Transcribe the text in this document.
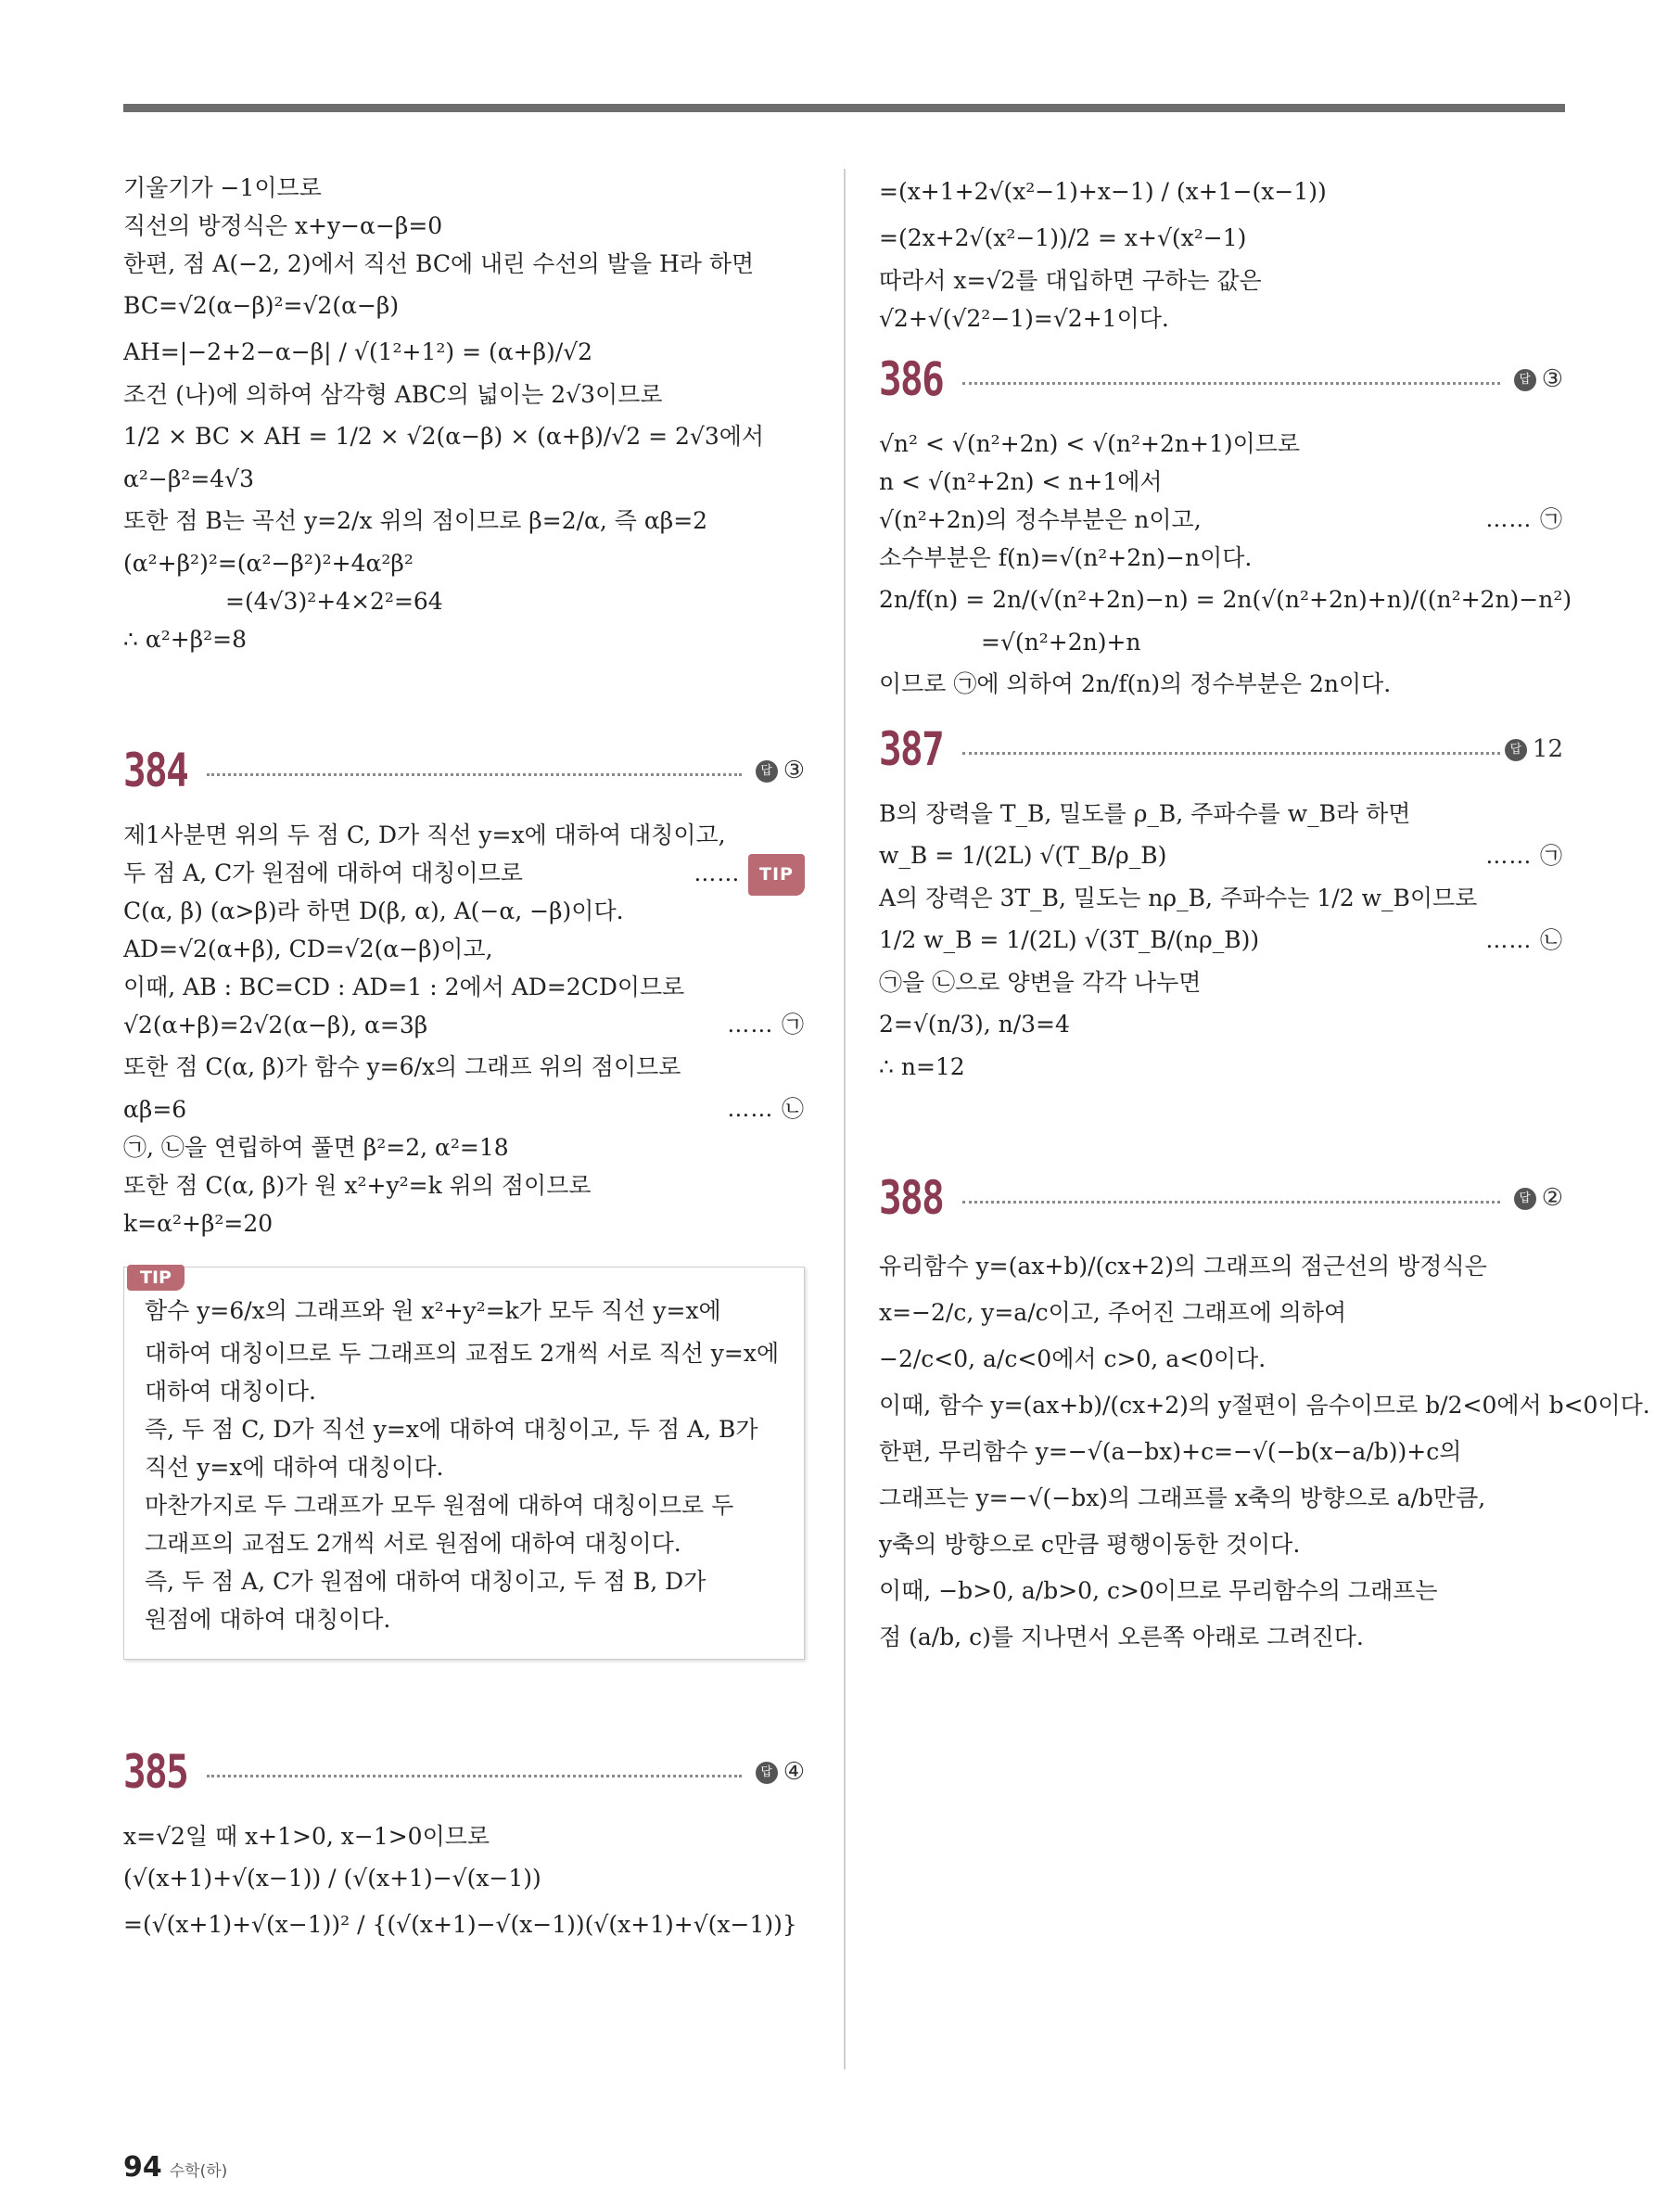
기울기가 −1이므로
직선의 방정식은 x+y−α−β=0
한편, 점 A(−2, 2)에서 직선 BC에 내린 수선의 발을 H라 하면
BC=√2(α−β)²=√2(α−β)
AH=|−2+2−α−β| / √(1²+1²) = (α+β)/√2
조건 (나)에 의하여 삼각형 ABC의 넓이는 2√3이므로
1/2 × BC × AH = 1/2 × √2(α−β) × (α+β)/√2 = 2√3에서
α²−β²=4√3
또한 점 B는 곡선 y=2/x 위의 점이므로 β=2/α, 즉 αβ=2
(α²+β²)²=(α²−β²)²+4α²β²
=(4√3)²+4×2²=64
∴ α²+β²=8
384	답 ③
제1사분면 위의 두 점 C, D가 직선 y=x에 대하여 대칭이고,
두 점 A, C가 원점에 대하여 대칭이므로	…… TIP
C(α, β) (α>β)라 하면 D(β, α), A(−α, −β)이다.
AD=√2(α+β), CD=√2(α−β)이고,
이때, AB : BC=CD : AD=1 : 2에서 AD=2CD이므로
√2(α+β)=2√2(α−β), α=3β	…… ㉠
또한 점 C(α, β)가 함수 y=6/x의 그래프 위의 점이므로
αβ=6	…… ㉡
㉠, ㉡을 연립하여 풀면 β²=2, α²=18
또한 점 C(α, β)가 원 x²+y²=k 위의 점이므로
k=α²+β²=20
TIP
함수 y=6/x의 그래프와 원 x²+y²=k가 모두 직선 y=x에
대하여 대칭이므로 두 그래프의 교점도 2개씩 서로 직선 y=x에
대하여 대칭이다.
즉, 두 점 C, D가 직선 y=x에 대하여 대칭이고, 두 점 A, B가
직선 y=x에 대하여 대칭이다.
마찬가지로 두 그래프가 모두 원점에 대하여 대칭이므로 두
그래프의 교점도 2개씩 서로 원점에 대하여 대칭이다.
즉, 두 점 A, C가 원점에 대하여 대칭이고, 두 점 B, D가
원점에 대하여 대칭이다.
385	답 ④
x=√2일 때 x+1>0, x−1>0이므로
(√(x+1)+√(x−1)) / (√(x+1)−√(x−1))
=(√(x+1)+√(x−1))² / {(√(x+1)−√(x−1))(√(x+1)+√(x−1))}
=(x+1+2√(x²−1)+x−1) / (x+1−(x−1))
=(2x+2√(x²−1))/2 = x+√(x²−1)
따라서 x=√2를 대입하면 구하는 값은
√2+√(√2²−1)=√2+1이다.
386	답 ③
√n² < √(n²+2n) < √(n²+2n+1)이므로
n < √(n²+2n) < n+1에서
√(n²+2n)의 정수부분은 n이고,	…… ㉠
소수부분은 f(n)=√(n²+2n)−n이다.
2n/f(n) = 2n/(√(n²+2n)−n) = 2n(√(n²+2n)+n)/((n²+2n)−n²)
=√(n²+2n)+n
이므로 ㉠에 의하여 2n/f(n)의 정수부분은 2n이다.
387	답 12
B의 장력을 T_B, 밀도를 ρ_B, 주파수를 w_B라 하면
w_B = 1/(2L) √(T_B/ρ_B)	…… ㉠
A의 장력은 3T_B, 밀도는 nρ_B, 주파수는 1/2 w_B이므로
1/2 w_B = 1/(2L) √(3T_B/(nρ_B))	…… ㉡
㉠을 ㉡으로 양변을 각각 나누면
2=√(n/3), n/3=4
∴ n=12
388	답 ②
유리함수 y=(ax+b)/(cx+2)의 그래프의 점근선의 방정식은
x=−2/c, y=a/c이고, 주어진 그래프에 의하여
−2/c<0, a/c<0에서 c>0, a<0이다.
이때, 함수 y=(ax+b)/(cx+2)의 y절편이 음수이므로 b/2<0에서 b<0이다.
한편, 무리함수 y=−√(a−bx)+c=−√(−b(x−a/b))+c의
그래프는 y=−√(−bx)의 그래프를 x축의 방향으로 a/b만큼,
y축의 방향으로 c만큼 평행이동한 것이다.
이때, −b>0, a/b>0, c>0이므로 무리함수의 그래프는
점 (a/b, c)를 지나면서 오른쪽 아래로 그려진다.
94 수학(하)
